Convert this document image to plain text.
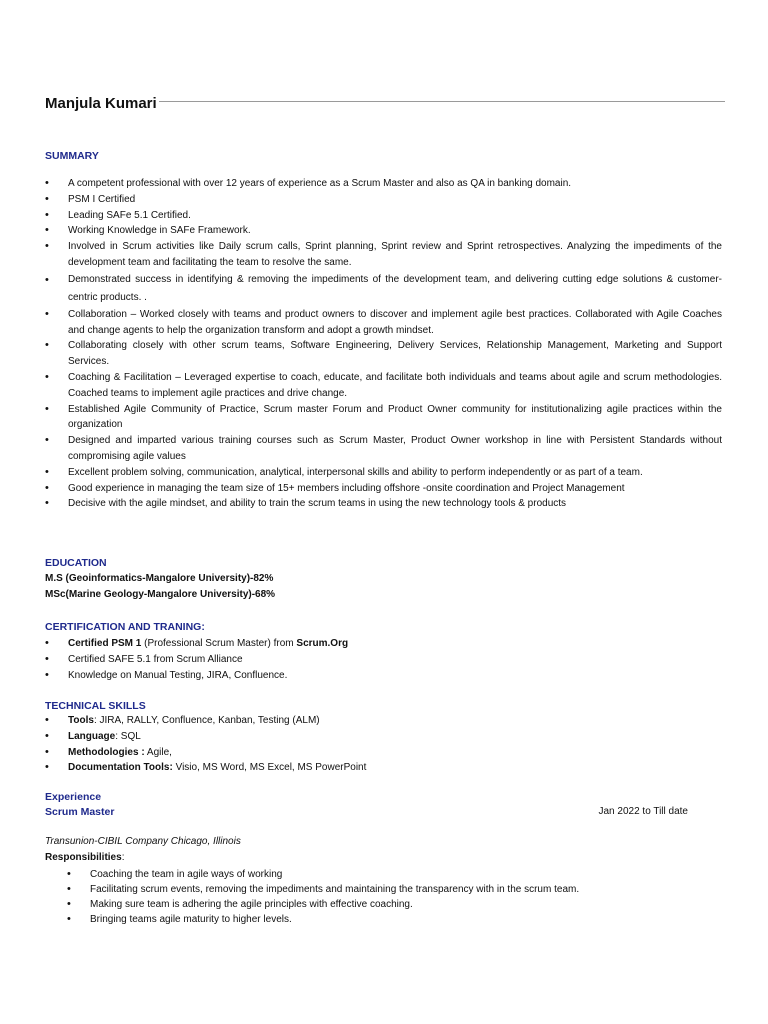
Manjula Kumari
SUMMARY
• A competent professional with over 12 years of experience as a Scrum Master and also as QA in banking domain.
• PSM I Certified
• Leading SAFe 5.1 Certified.
• Working Knowledge in SAFe Framework.
• Involved in Scrum activities like Daily scrum calls, Sprint planning, Sprint review and Sprint retrospectives. Analyzing the impediments of the development team and facilitating the team to resolve the same.
• Demonstrated success in identifying & removing the impediments of the development team, and delivering cutting edge solutions & customer-centric products. .
• Collaboration – Worked closely with teams and product owners to discover and implement agile best practices. Collaborated with Agile Coaches and change agents to help the organization transform and adopt a growth mindset.
• Collaborating closely with other scrum teams, Software Engineering, Delivery Services, Relationship Management, Marketing and Support Services.
• Coaching & Facilitation – Leveraged expertise to coach, educate, and facilitate both individuals and teams about agile and scrum methodologies. Coached teams to implement agile practices and drive change.
• Established Agile Community of Practice, Scrum master Forum and Product Owner community for institutionalizing agile practices within the organization
• Designed and imparted various training courses such as Scrum Master, Product Owner workshop in line with Persistent Standards without compromising agile values
• Excellent problem solving, communication, analytical, interpersonal skills and ability to perform independently or as part of a team.
• Good experience in managing the team size of 15+ members including offshore -onsite coordination and Project Management
• Decisive with the agile mindset, and ability to train the scrum teams in using the new technology tools & products
EDUCATION
M.S (Geoinformatics-Mangalore University)-82%
MSc(Marine Geology-Mangalore University)-68%
CERTIFICATION AND TRANING:
• Certified PSM 1 (Professional Scrum Master) from Scrum.Org
• Certified SAFE 5.1 from Scrum Alliance
• Knowledge on Manual Testing, JIRA, Confluence.
TECHNICAL SKILLS
• Tools: JIRA, RALLY, Confluence, Kanban, Testing (ALM)
• Language: SQL
• Methodologies : Agile,
• Documentation Tools: Visio, MS Word, MS Excel, MS PowerPoint
Experience
Scrum Master	Jan 2022 to Till date
Transunion-CIBIL Company Chicago, Illinois
Responsibilities:
• Coaching the team in agile ways of working
• Facilitating scrum events, removing the impediments and maintaining the transparency with in the scrum team.
• Making sure team is adhering the agile principles with effective coaching.
• Bringing teams agile maturity to higher levels.
